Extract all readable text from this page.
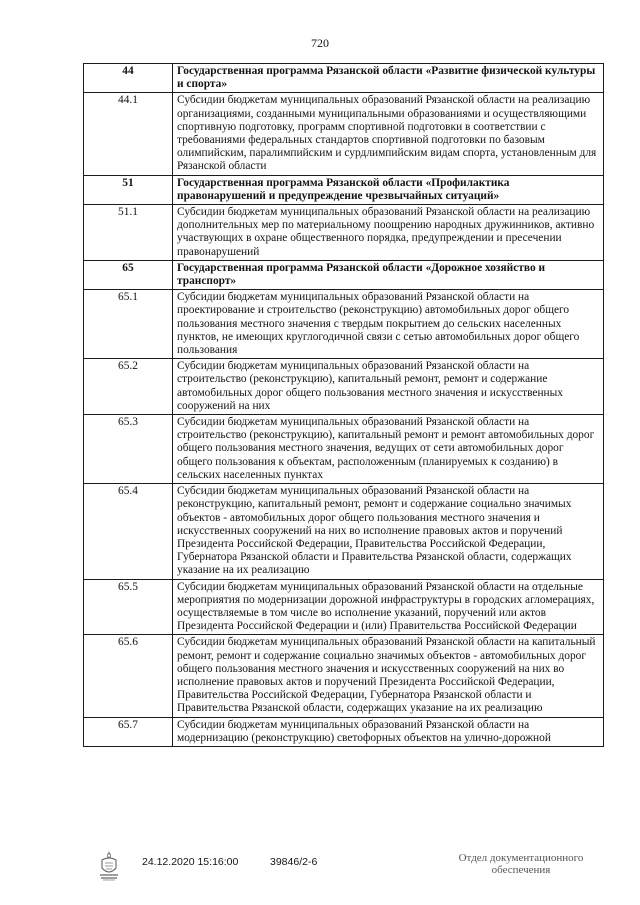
720
44	Государственная программа Рязанской области «Развитие физической культуры и спорта»
44.1	Субсидии бюджетам муниципальных образований Рязанской области на реализацию организациями, созданными муниципальными образованиями и осуществляющими спортивную подготовку, программ спортивной подготовки в соответствии с требованиями федеральных стандартов спортивной подготовки по базовым олимпийским, паралимпийским и сурдлимпийским видам спорта, установленным для Рязанской области
51	Государственная программа Рязанской области «Профилактика правонарушений и предупреждение чрезвычайных ситуаций»
51.1	Субсидии бюджетам муниципальных образований Рязанской области на реализацию дополнительных мер по материальному поощрению народных дружинников, активно участвующих в охране общественного порядка, предупреждении и пресечении правонарушений
65	Государственная программа Рязанской области «Дорожное хозяйство и транспорт»
65.1	Субсидии бюджетам муниципальных образований Рязанской области на проектирование и строительство (реконструкцию) автомобильных дорог общего пользования местного значения с твердым покрытием до сельских населенных пунктов, не имеющих круглогодичной связи с сетью автомобильных дорог общего пользования
65.2	Субсидии бюджетам муниципальных образований Рязанской области на строительство (реконструкцию), капитальный ремонт, ремонт и содержание автомобильных дорог общего пользования местного значения и искусственных сооружений на них
65.3	Субсидии бюджетам муниципальных образований Рязанской области на строительство (реконструкцию), капитальный ремонт и ремонт автомобильных дорог общего пользования местного значения, ведущих от сети автомобильных дорог общего пользования к объектам, расположенным (планируемых к созданию) в сельских населенных пунктах
65.4	Субсидии бюджетам муниципальных образований Рязанской области на реконструкцию, капитальный ремонт, ремонт и содержание социально значимых объектов - автомобильных дорог общего пользования местного значения и искусственных сооружений на них во исполнение правовых актов и поручений Президента Российской Федерации, Правительства Российской Федерации, Губернатора Рязанской области и Правительства Рязанской области, содержащих указание на их реализацию
65.5	Субсидии бюджетам муниципальных образований Рязанской области на отдельные мероприятия по модернизации дорожной инфраструктуры в городских агломерациях, осуществляемые в том числе во исполнение указаний, поручений или актов Президента Российской Федерации и (или) Правительства Российской Федерации
65.6	Субсидии бюджетам муниципальных образований Рязанской области на капитальный ремонт, ремонт и содержание социально значимых объектов - автомобильных дорог общего пользования местного значения и искусственных сооружений на них во исполнение правовых актов и поручений Президента Российской Федерации, Правительства Российской Федерации, Губернатора Рязанской области и Правительства Рязанской области, содержащих указание на их реализацию
65.7	Субсидии бюджетам муниципальных образований Рязанской области на модернизацию (реконструкцию) светофорных объектов на улично-дорожной
24.12.2020 15:16:00	39846/2-6	Отдел документационного
обеспечения
